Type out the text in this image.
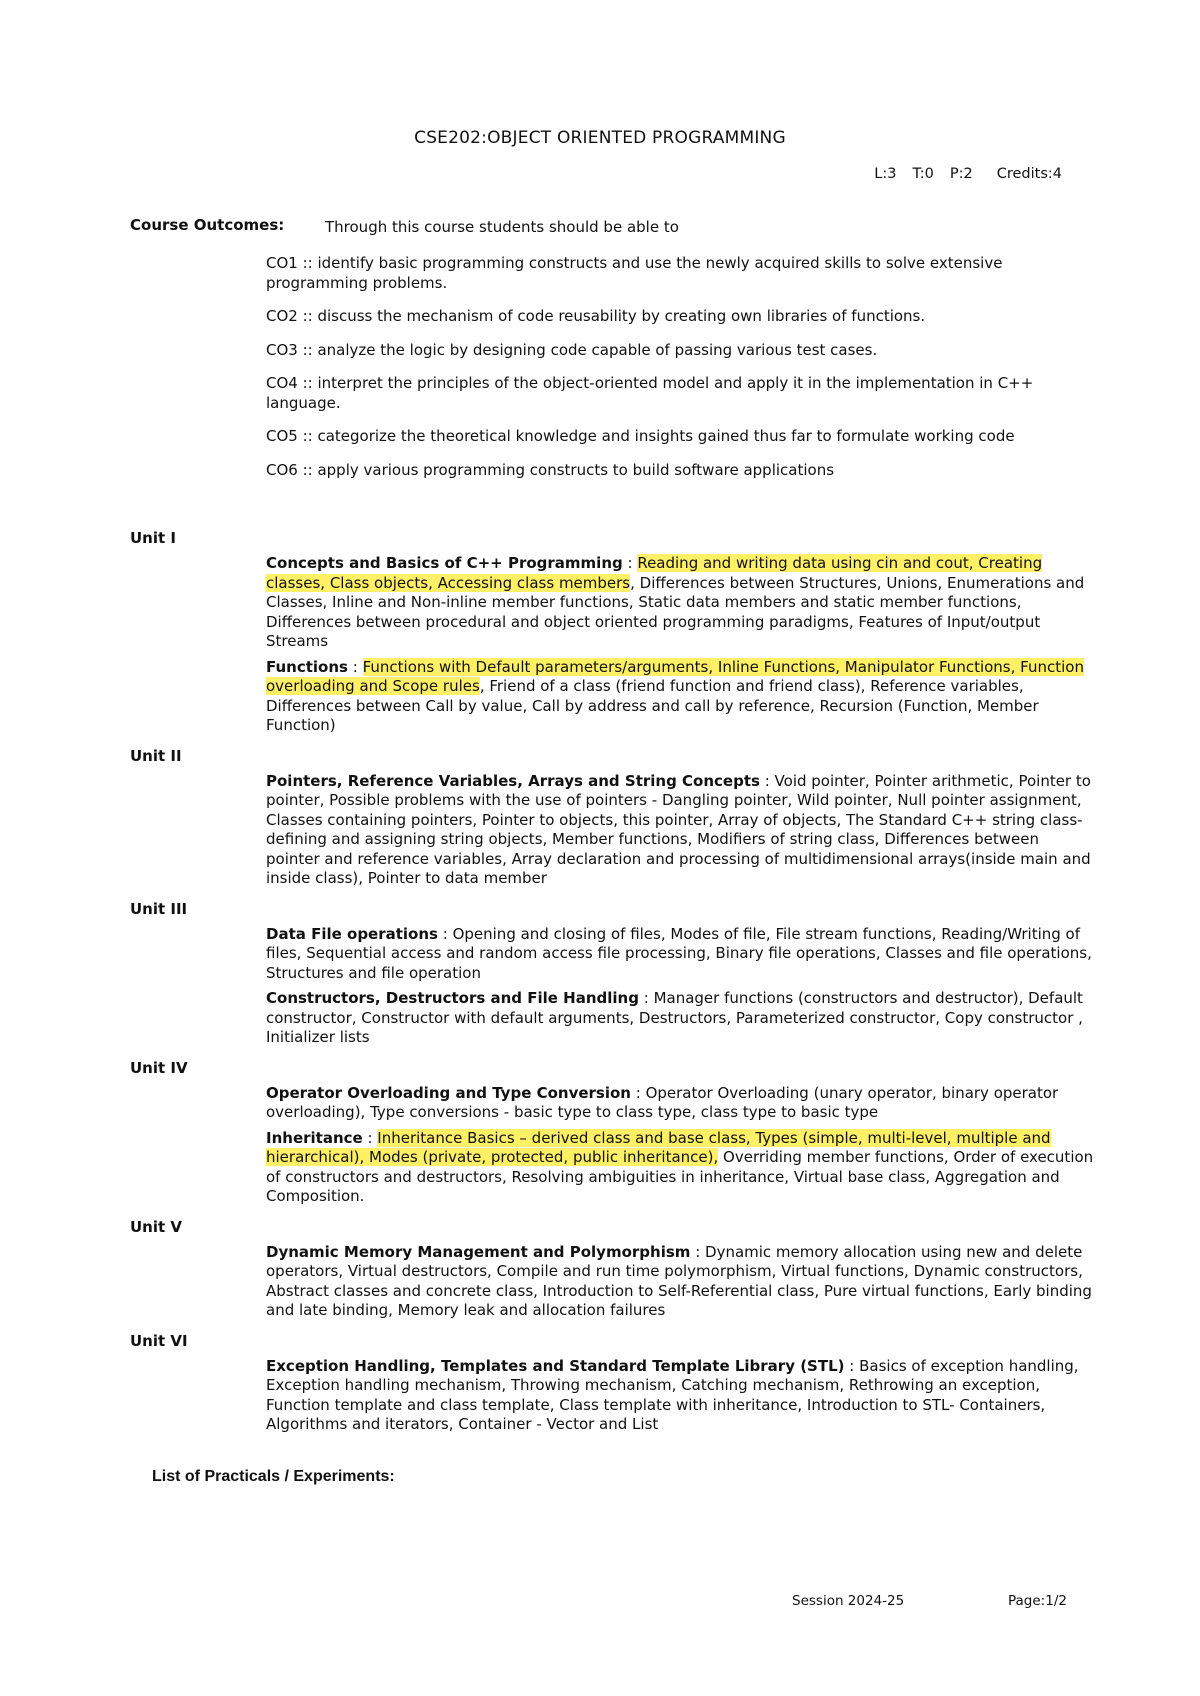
CSE202:OBJECT ORIENTED PROGRAMMING
L:3 T:0 P:2 Credits:4
Course Outcomes:	Through this course students should be able to
CO1 :: identify basic programming constructs and use the newly acquired skills to solve extensive programming problems.
CO2 :: discuss the mechanism of code reusability by creating own libraries of functions.
CO3 :: analyze the logic by designing code capable of passing various test cases.
CO4 :: interpret the principles of the object-oriented model and apply it in the implementation in C++ language.
CO5 :: categorize the theoretical knowledge and insights gained thus far to formulate working code
CO6 :: apply various programming constructs to build software applications
Unit I
Concepts and Basics of C++ Programming : Reading and writing data using cin and cout, Creating classes, Class objects, Accessing class members, Differences between Structures, Unions, Enumerations and Classes, Inline and Non-inline member functions, Static data members and static member functions, Differences between procedural and object oriented programming paradigms, Features of Input/output Streams
Functions : Functions with Default parameters/arguments, Inline Functions, Manipulator Functions, Function overloading and Scope rules, Friend of a class (friend function and friend class), Reference variables, Differences between Call by value, Call by address and call by reference, Recursion (Function, Member Function)
Unit II
Pointers, Reference Variables, Arrays and String Concepts : Void pointer, Pointer arithmetic, Pointer to pointer, Possible problems with the use of pointers - Dangling pointer, Wild pointer, Null pointer assignment, Classes containing pointers, Pointer to objects, this pointer, Array of objects, The Standard C++ string class-defining and assigning string objects, Member functions, Modifiers of string class, Differences between pointer and reference variables, Array declaration and processing of multidimensional arrays(inside main and inside class), Pointer to data member
Unit III
Data File operations : Opening and closing of files, Modes of file, File stream functions, Reading/Writing of files, Sequential access and random access file processing, Binary file operations, Classes and file operations, Structures and file operation
Constructors, Destructors and File Handling : Manager functions (constructors and destructor), Default constructor, Constructor with default arguments, Destructors, Parameterized constructor, Copy constructor , Initializer lists
Unit IV
Operator Overloading and Type Conversion : Operator Overloading (unary operator, binary operator overloading), Type conversions - basic type to class type, class type to basic type
Inheritance : Inheritance Basics – derived class and base class, Types (simple, multi-level, multiple and hierarchical), Modes (private, protected, public inheritance), Overriding member functions, Order of execution of constructors and destructors, Resolving ambiguities in inheritance, Virtual base class, Aggregation and Composition.
Unit V
Dynamic Memory Management and Polymorphism : Dynamic memory allocation using new and delete operators, Virtual destructors, Compile and run time polymorphism, Virtual functions, Dynamic constructors, Abstract classes and concrete class, Introduction to Self-Referential class, Pure virtual functions, Early binding and late binding, Memory leak and allocation failures
Unit VI
Exception Handling, Templates and Standard Template Library (STL) : Basics of exception handling, Exception handling mechanism, Throwing mechanism, Catching mechanism, Rethrowing an exception, Function template and class template, Class template with inheritance, Introduction to STL- Containers, Algorithms and iterators, Container - Vector and List
List of Practicals / Experiments:
Session 2024-25	Page:1/2
